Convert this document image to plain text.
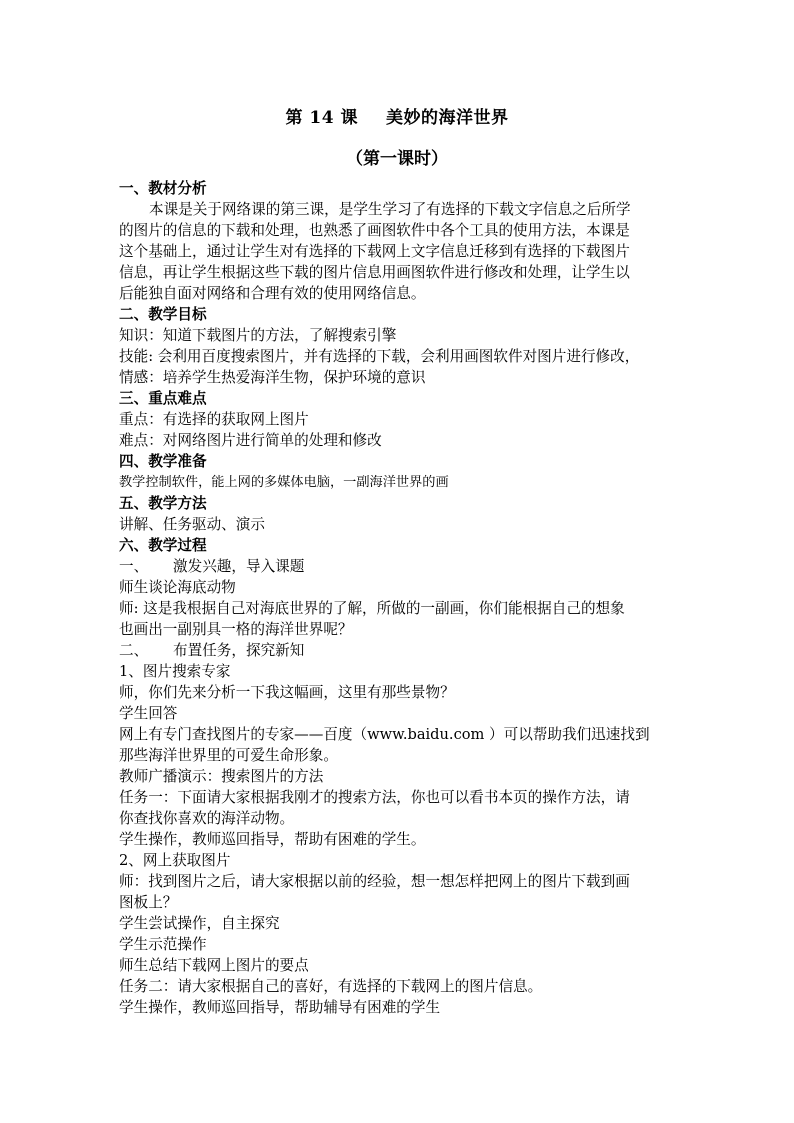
第 14 课 美妙的海洋世界
（第一课时）
一、教材分析
本课是关于网络课的第三课，是学生学习了有选择的下载文字信息之后所学
的图片的信息的下载和处理，也熟悉了画图软件中各个工具的使用方法，本课是
这个基础上，通过让学生对有选择的下载网上文字信息迁移到有选择的下载图片
信息，再让学生根据这些下载的图片信息用画图软件进行修改和处理，让学生以
后能独自面对网络和合理有效的使用网络信息。
二、教学目标
知识：知道下载图片的方法，了解搜索引擎
技能: 会利用百度搜索图片，并有选择的下载，会利用画图软件对图片进行修改，
情感：培养学生热爱海洋生物，保护环境的意识
三、重点难点
重点：有选择的获取网上图片
难点：对网络图片进行简单的处理和修改
四、教学准备
教学控制软件，能上网的多媒体电脑，一副海洋世界的画
五、教学方法
讲解、任务驱动、演示
六、教学过程
一、 激发兴趣，导入课题
师生谈论海底动物
师: 这是我根据自己对海底世界的了解，所做的一副画，你们能根据自己的想象
也画出一副别具一格的海洋世界呢？
二、 布置任务，探究新知
1、图片搜索专家
师，你们先来分析一下我这幅画，这里有那些景物？
学生回答
网上有专门查找图片的专家——百度（www.baidu.com ）可以帮助我们迅速找到
那些海洋世界里的可爱生命形象。
教师广播演示：搜索图片的方法
任务一：下面请大家根据我刚才的搜索方法，你也可以看书本页的操作方法，请
你查找你喜欢的海洋动物。
学生操作，教师巡回指导，帮助有困难的学生。
2、网上获取图片
师：找到图片之后，请大家根据以前的经验，想一想怎样把网上的图片下载到画
图板上？
学生尝试操作，自主探究
学生示范操作
师生总结下载网上图片的要点
任务二：请大家根据自己的喜好，有选择的下载网上的图片信息。
学生操作，教师巡回指导，帮助辅导有困难的学生
